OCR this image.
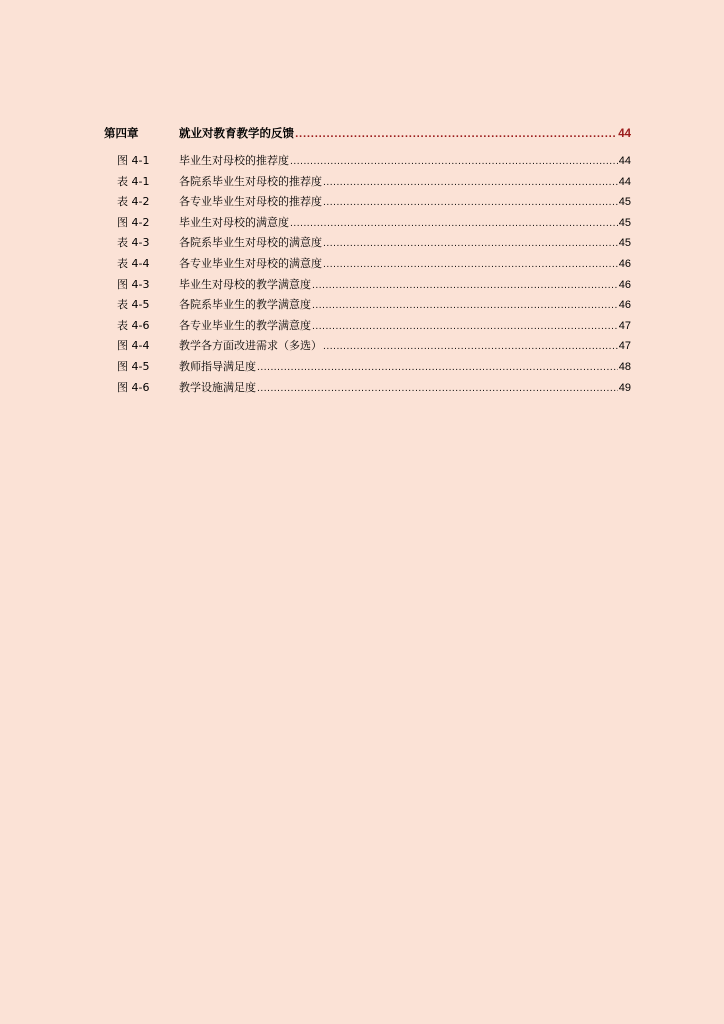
第四章	就业对教育教学的反馈 .....	44
图 4-1	毕业生对母校的推荐度 .....	44
表 4-1	各院系毕业生对母校的推荐度 .....	44
表 4-2	各专业毕业生对母校的推荐度 .....	45
图 4-2	毕业生对母校的满意度 .....	45
表 4-3	各院系毕业生对母校的满意度 .....	45
表 4-4	各专业毕业生对母校的满意度 .....	46
图 4-3	毕业生对母校的教学满意度 .....	46
表 4-5	各院系毕业生的教学满意度 .....	46
表 4-6	各专业毕业生的教学满意度 .....	47
图 4-4	教学各方面改进需求（多选） .....	47
图 4-5	教师指导满足度 .....	48
图 4-6	教学设施满足度 .....	49
